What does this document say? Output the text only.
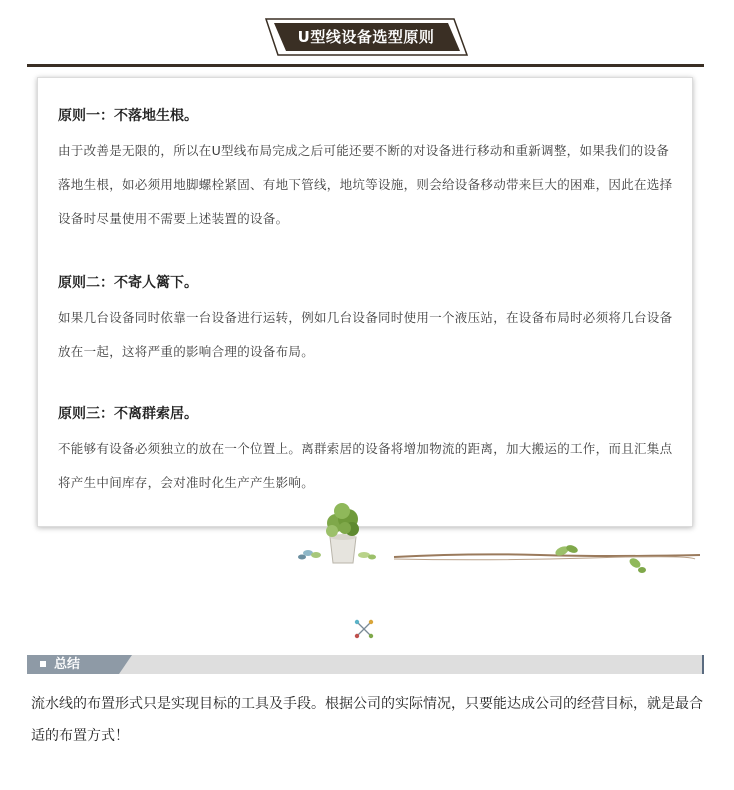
U型线设备选型原则
原则一：不落地生根。

由于改善是无限的，所以在U型线布局完成之后可能还要不断的对设备进行移动和重新调整，如果我们的设备落地生根，如必须用地脚螺栓紧固、有地下管线，地坑等设施，则会给设备移动带来巨大的困难，因此在选择设备时尽量使用不需要上述装置的设备。

原则二：不寄人篱下。

如果几台设备同时依靠一台设备进行运转，例如几台设备同时使用一个液压站，在设备布局时必须将几台设备放在一起，这将严重的影响合理的设备布局。

原则三：不离群索居。

不能够有设备必须独立的放在一个位置上。离群索居的设备将增加物流的距离，加大搬运的工作，而且汇集点将产生中间库存，会对准时化生产产生影响。

总结

流水线的布置形式只是实现目标的工具及手段。根据公司的实际情况，只要能达成公司的经营目标，就是最合适的布置方式！
